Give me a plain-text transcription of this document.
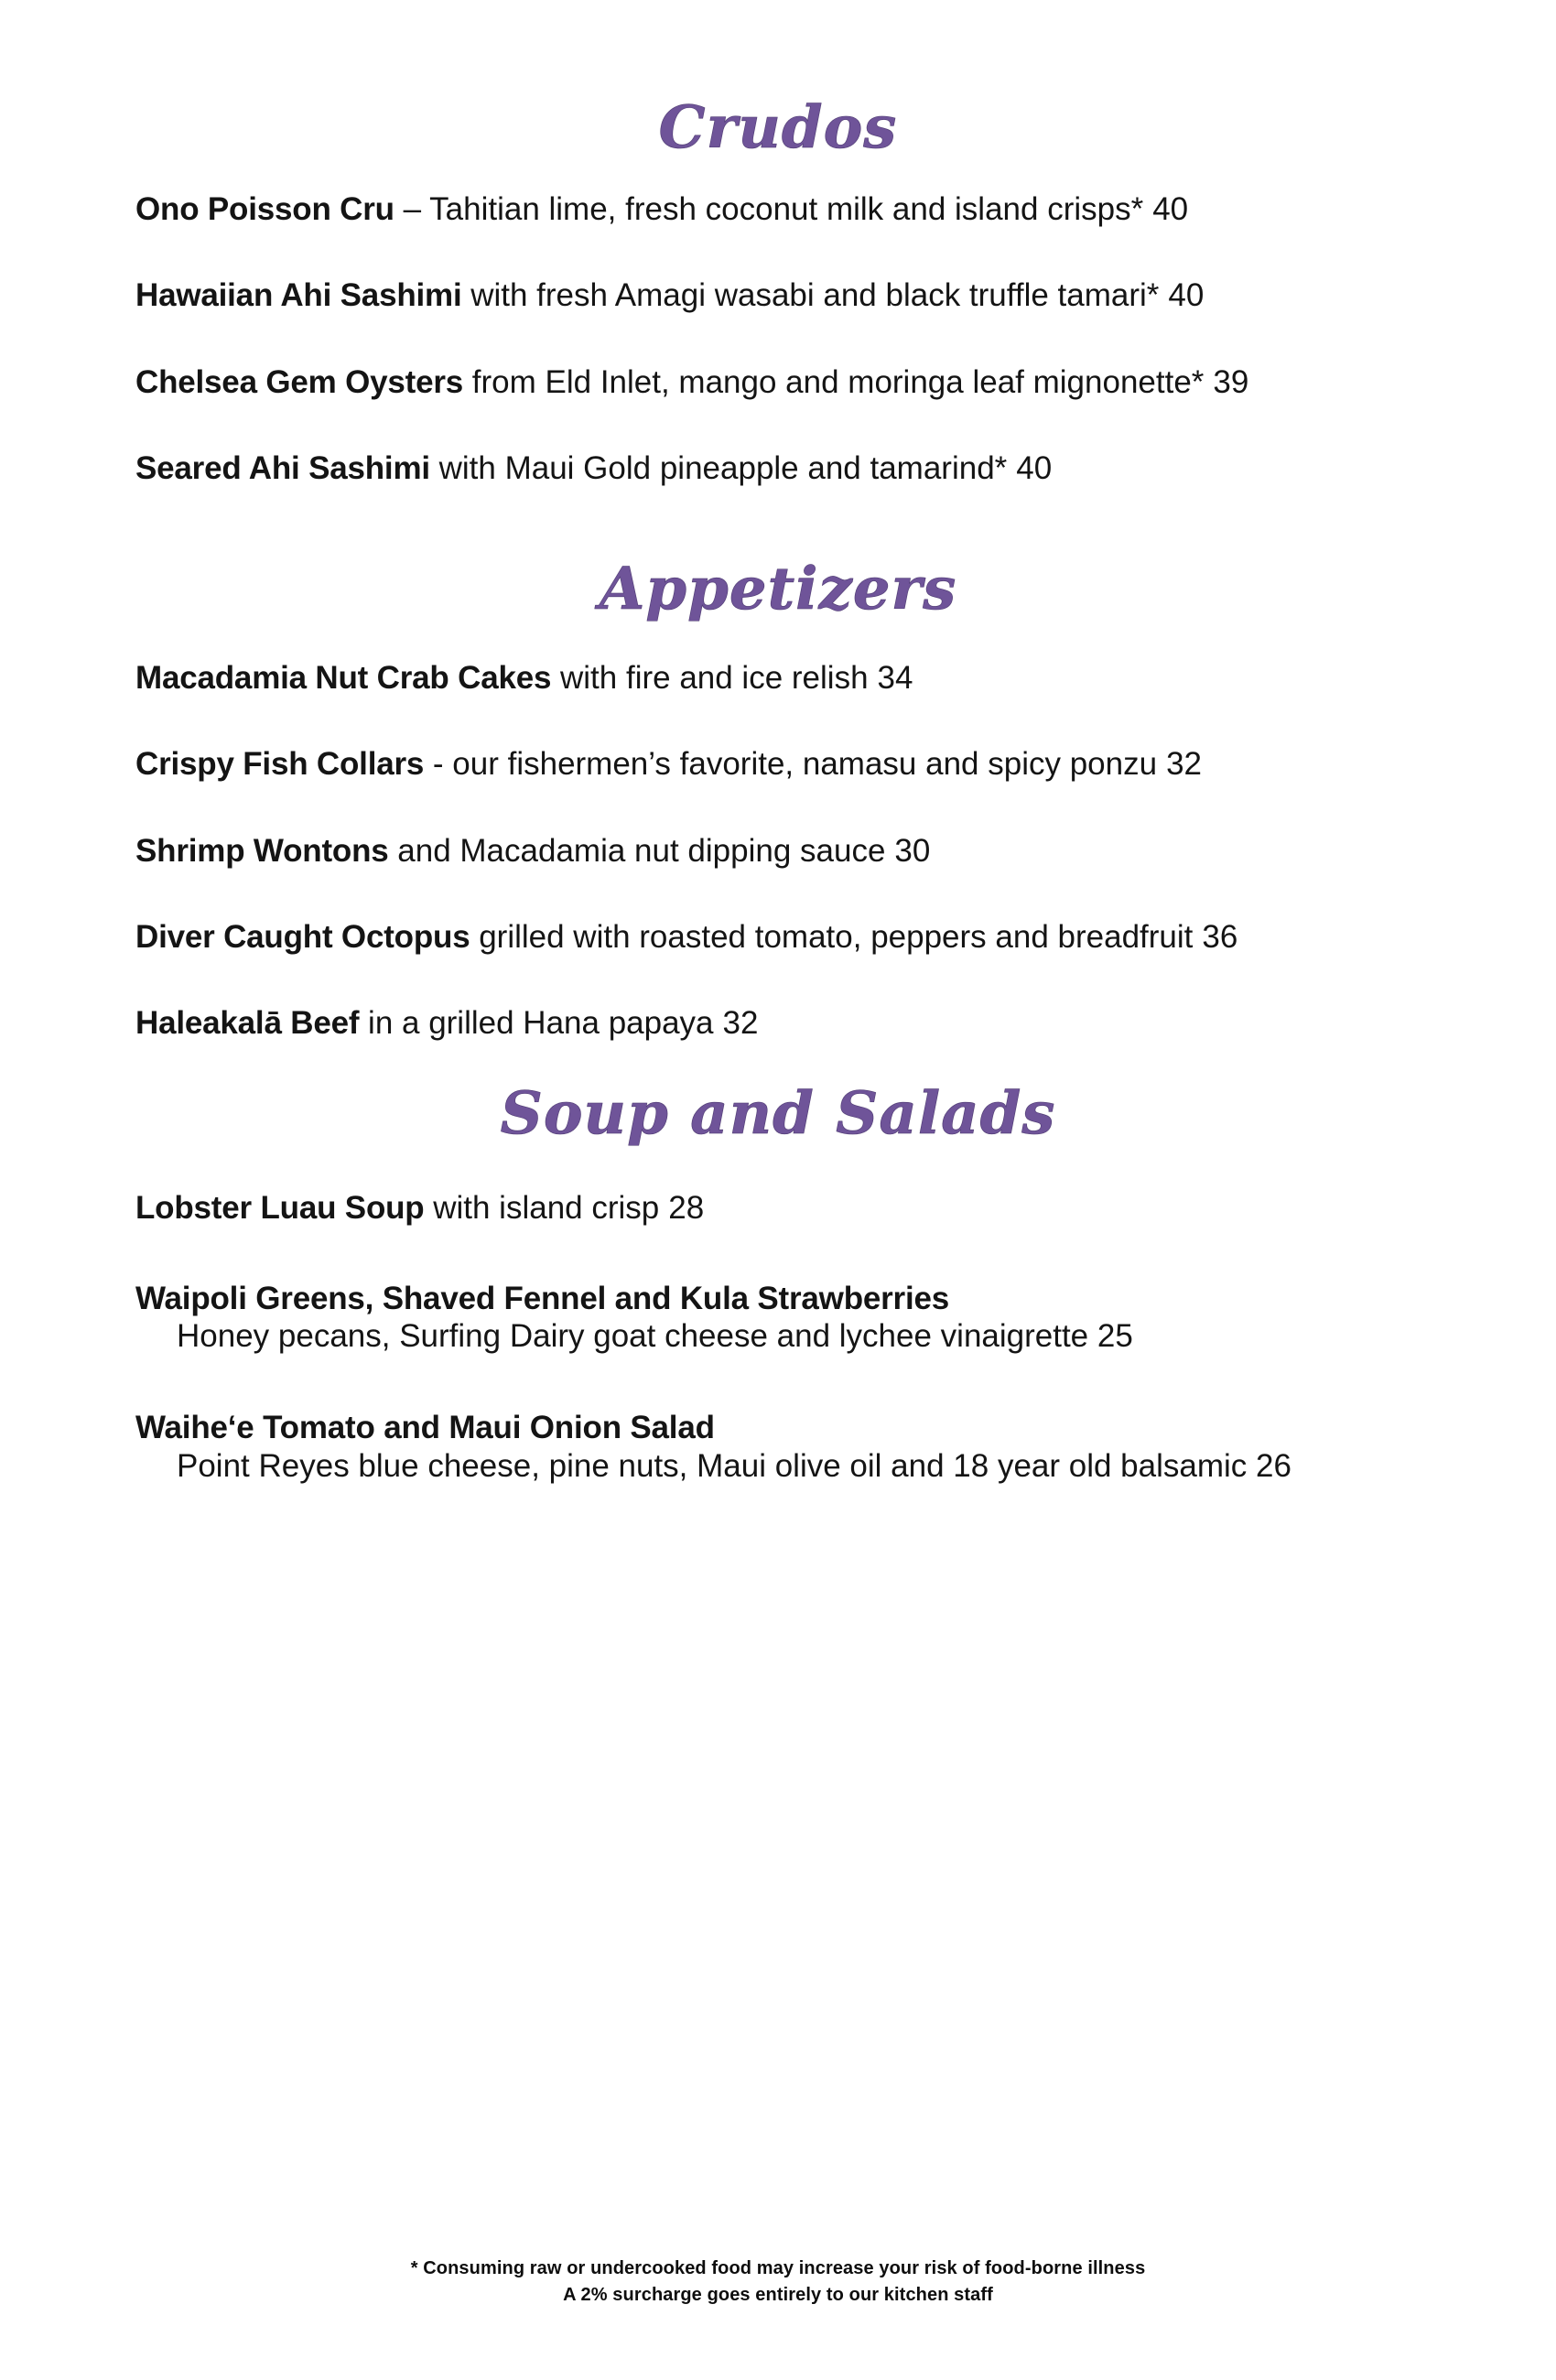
Crudos
Ono Poisson Cru – Tahitian lime, fresh coconut milk and island crisps* 40
Hawaiian Ahi Sashimi with fresh Amagi wasabi and black truffle tamari* 40
Chelsea Gem Oysters from Eld Inlet, mango and moringa leaf mignonette* 39
Seared Ahi Sashimi with Maui Gold pineapple and tamarind* 40
Appetizers
Macadamia Nut Crab Cakes with fire and ice relish 34
Crispy Fish Collars - our fishermen’s favorite, namasu and spicy ponzu 32
Shrimp Wontons and Macadamia nut dipping sauce 30
Diver Caught Octopus grilled with roasted tomato, peppers and breadfruit 36
Haleakalā Beef in a grilled Hana papaya 32
Soup and Salads
Lobster Luau Soup with island crisp 28
Waipoli Greens, Shaved Fennel and Kula Strawberries
Honey pecans, Surfing Dairy goat cheese and lychee vinaigrette 25
Waiheʻe Tomato and Maui Onion Salad
Point Reyes blue cheese, pine nuts, Maui olive oil and 18 year old balsamic 26
* Consuming raw or undercooked food may increase your risk of food-borne illness
A 2% surcharge goes entirely to our kitchen staff
